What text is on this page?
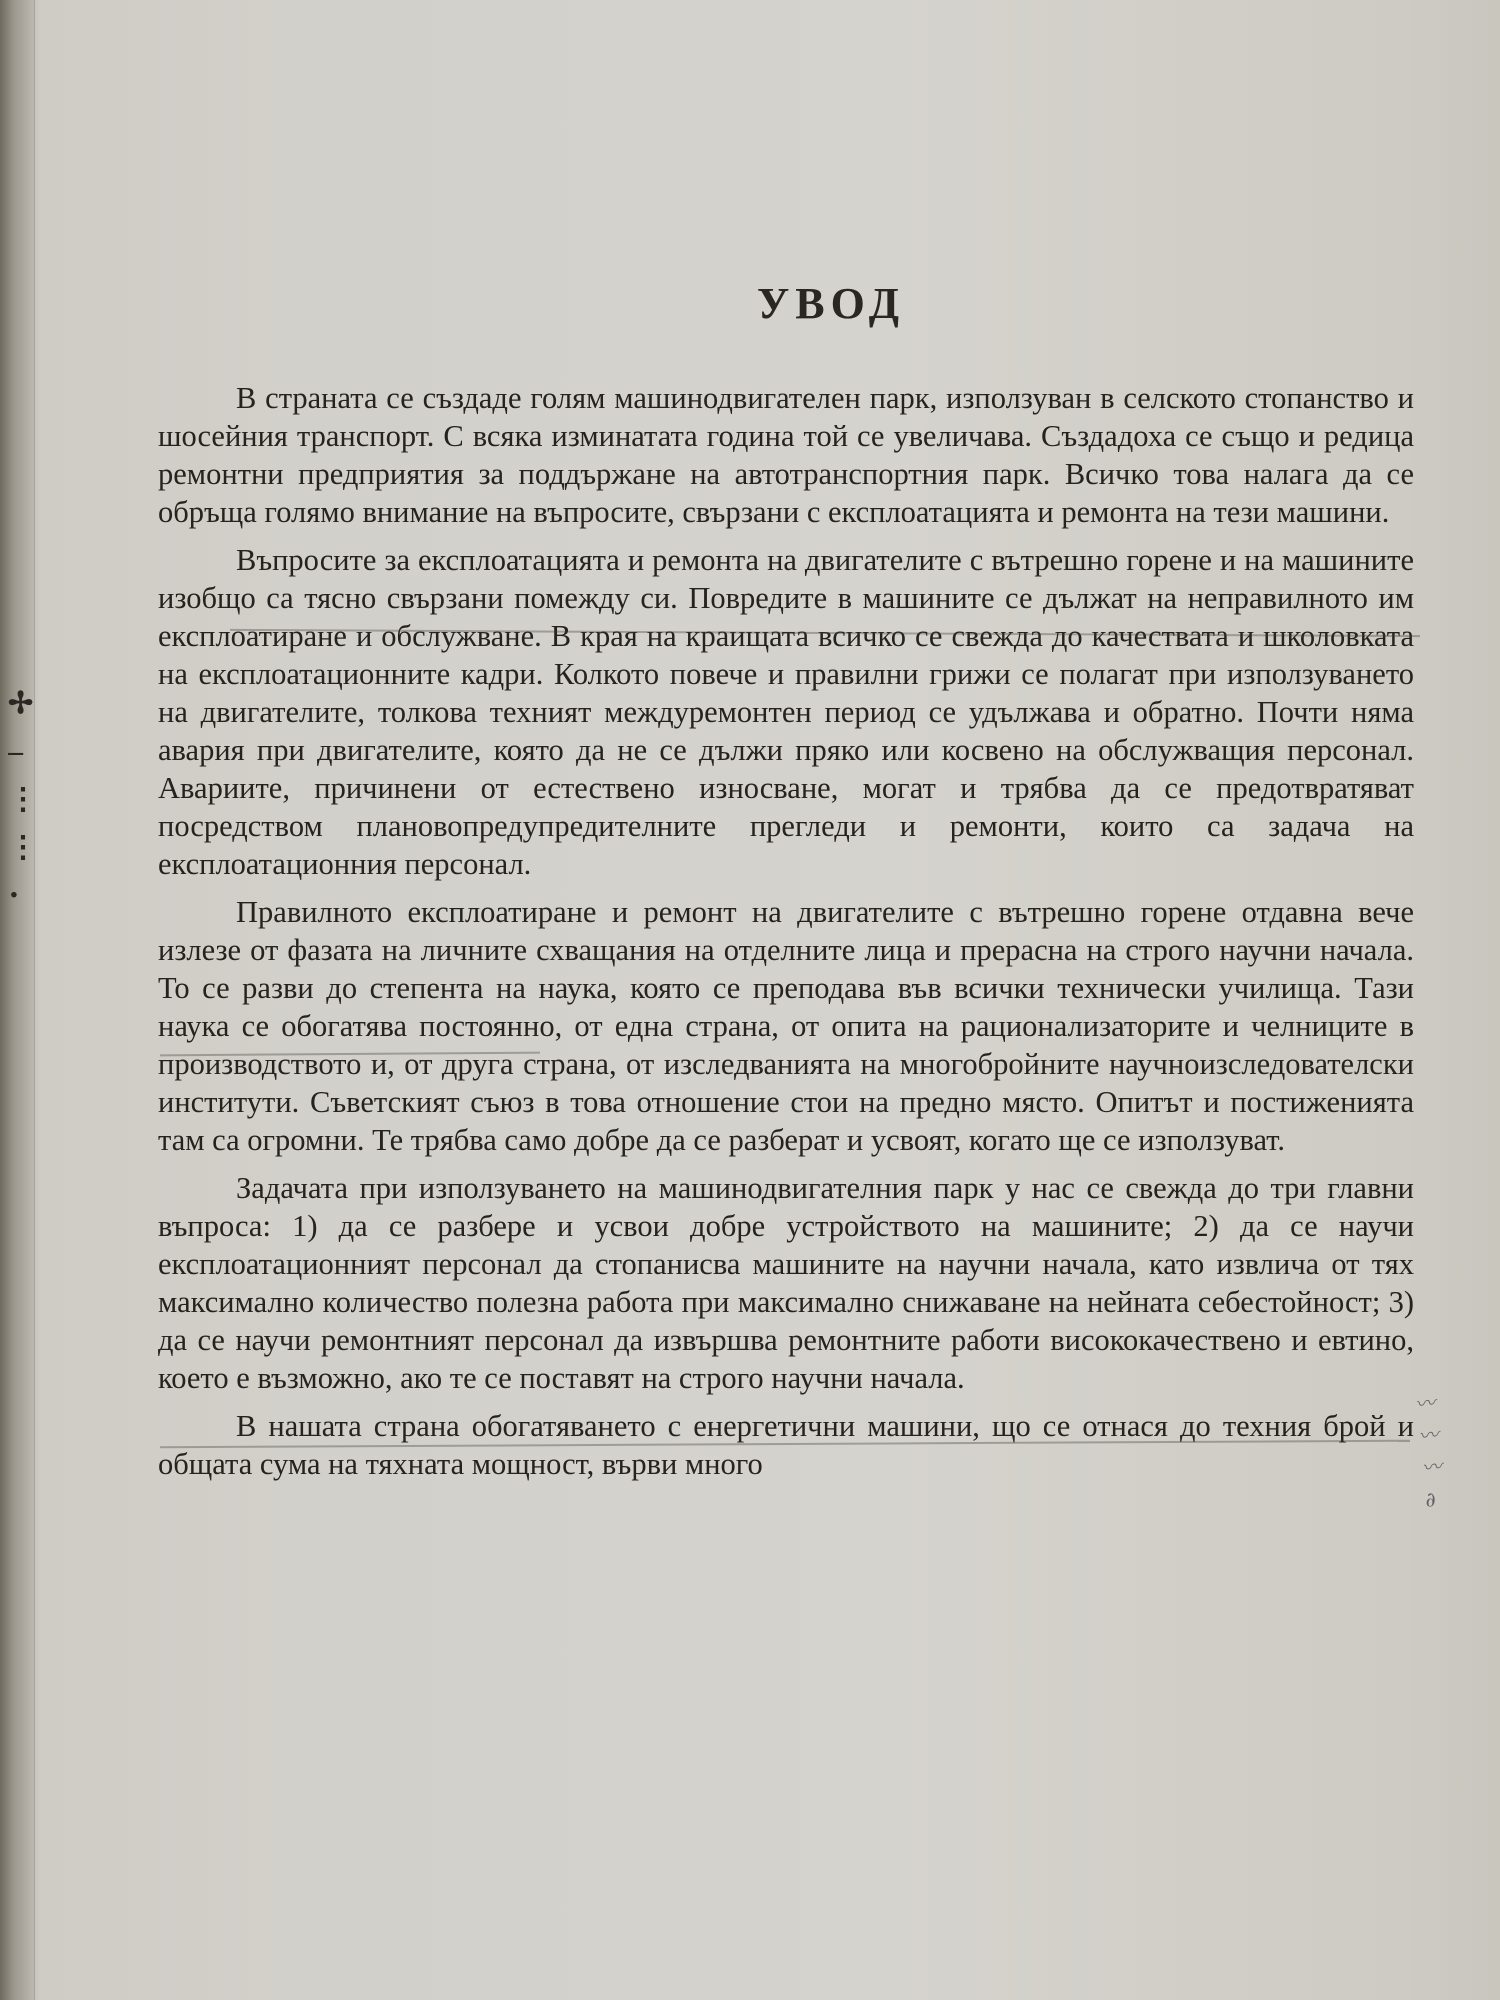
✢
–
⋮
⋮
⋅
УВОД

В страната се създаде голям машинодвигателен парк, използуван в селското стопанство и шосейния транспорт. С всяка изминатата година той се увеличава. Създадоха се също и редица ремонтни предприятия за поддържане на автотранспортния парк. Всичко това налага да се обръща голямо внимание на въпросите, свързани с експлоатацията и ремонта на тези машини.

Въпросите за експлоатацията и ремонта на двигателите с вътрешно горене и на машините изобщо са тясно свързани помежду си. Повредите в машините се дължат на неправилното им експлоатиране и обслужване. В края на краищата всичко се свежда до качествата и школовката на експлоатационните кадри. Колкото повече и правилни грижи се полагат при използуването на двигателите, толкова техният междуремонтен период се удължава и обратно. Почти няма авария при двигателите, която да не се дължи пряко или косвено на обслужващия персонал. Авариите, причинени от естествено износване, могат и трябва да се предотвратяват посредством плановопредупредителните прегледи и ремонти, които са задача на експлоатационния персонал.

Правилното експлоатиране и ремонт на двигателите с вътрешно горене отдавна вече излезе от фазата на личните схващания на отделните лица и прерасна на строго научни начала. То се разви до степента на наука, която се преподава във всички технически училища. Тази наука се обогатява постоянно, от една страна, от опита на рационализаторите и челниците в производството и, от друга страна, от изследванията на многобройните научноизследователски институти. Съветският съюз в това отношение стои на предно място. Опитът и постиженията там са огромни. Те трябва само добре да се разберат и усвоят, когато ще се използуват.

Задачата при използуването на машинодвигателния парк у нас се свежда до три главни въпроса: 1) да се разбере и усвои добре устройството на машините; 2) да се научи експлоатационният персонал да стопанисва машините на научни начала, като извлича от тях максимално количество полезна работа при максимално снижаване на нейната себестойност; 3) да се научи ремонтният персонал да извършва ремонтните работи висококачествено и евтино, което е възможно, ако те се поставят на строго научни начала.

В нашата страна обогатяването с енергетични машини, що се отнася до техния брой и общата сума на тяхната мощност, върви много

〰
〰
〰
∂
